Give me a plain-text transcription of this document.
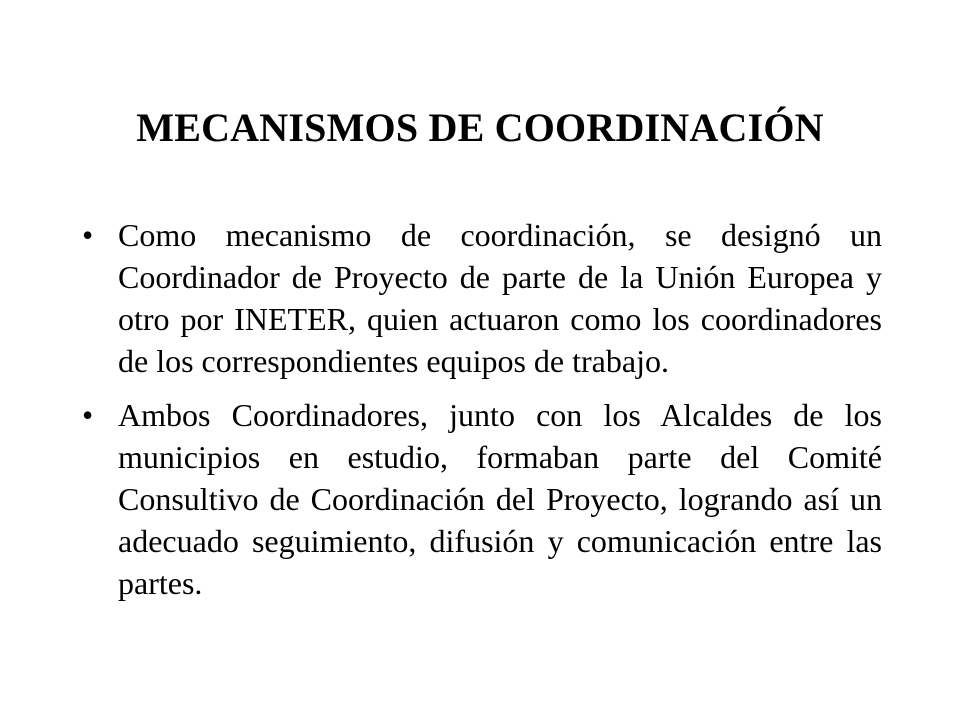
MECANISMOS DE COORDINACIÓN
• Como mecanismo de coordinación, se designó un Coordinador de Proyecto de parte de la Unión Europea y otro por INETER, quien actuaron como los coordinadores de los correspondientes equipos de trabajo.
• Ambos Coordinadores, junto con los Alcaldes de los municipios en estudio, formaban parte del Comité Consultivo de Coordinación del Proyecto, logrando así un adecuado seguimiento, difusión y comunicación entre las partes.
